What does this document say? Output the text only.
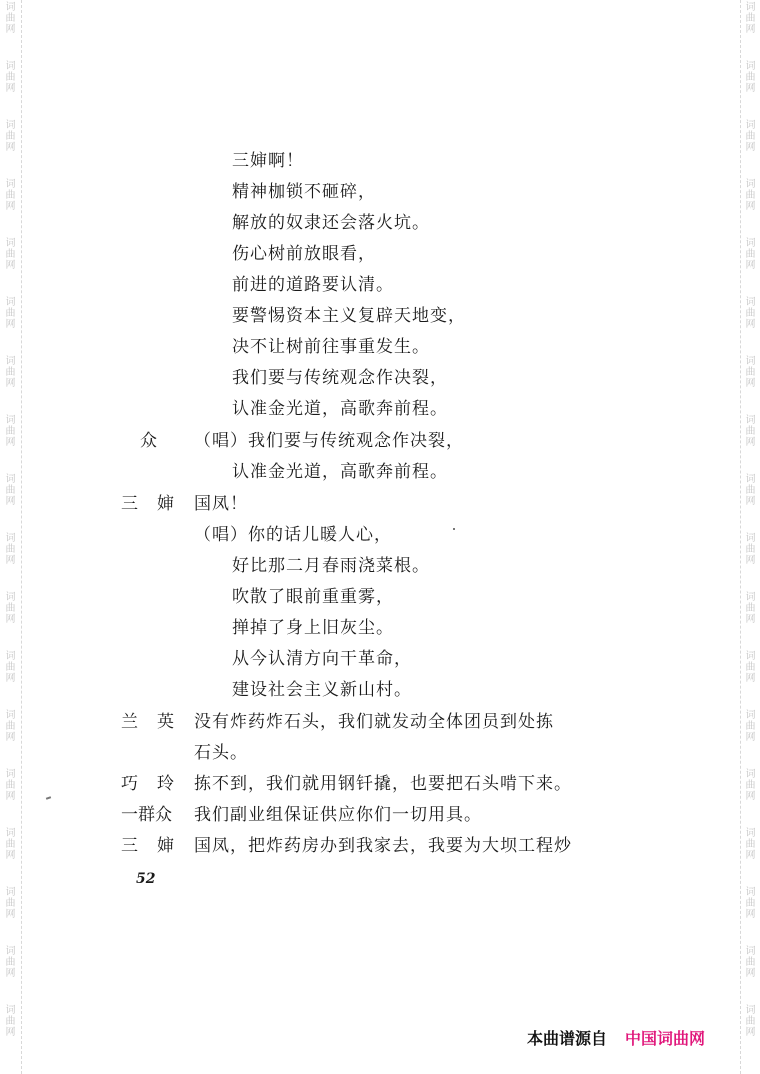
词
曲
网
词
曲
网
词
曲
网
词
曲
网
词
曲
网
词
曲
网
词
曲
网
词
曲
网
词
曲
网
词
曲
网
词
曲
网
词
曲
网
词
曲
网
词
曲
网
词
曲
网
词
曲
网
词
曲
网
词
曲
网
词
曲
网
词
曲
网
词
曲
网
词
曲
网
词
曲
网
词
曲
网
词
曲
网
词
曲
网
词
曲
网
词
曲
网
词
曲
网
词
曲
网
词
曲
网
词
曲
网
词
曲
网
词
曲
网
词
曲
网
词
曲
网
三婶啊！
精神枷锁不砸碎，
解放的奴隶还会落火坑。
伤心树前放眼看，
前进的道路要认清。
要警惕资本主义复辟天地变，
决不让树前往事重发生。
我们要与传统观念作决裂，
认准金光道，高歌奔前程。
众 （唱）我们要与传统观念作决裂，
认准金光道，高歌奔前程。
三　婶 国凤！
（唱）你的话儿暖人心，
好比那二月春雨浇菜根。
吹散了眼前重重雾，
掸掉了身上旧灰尘。
从今认清方向干革命，
建设社会主义新山村。
兰　英 没有炸药炸石头，我们就发动全体团员到处拣
石头。
巧　玲 拣不到，我们就用钢钎撬，也要把石头啃下来。
一群众 我们副业组保证供应你们一切用具。
三　婶 国凤，把炸药房办到我家去，我要为大坝工程炒
52
本曲谱源自 中国词曲网
